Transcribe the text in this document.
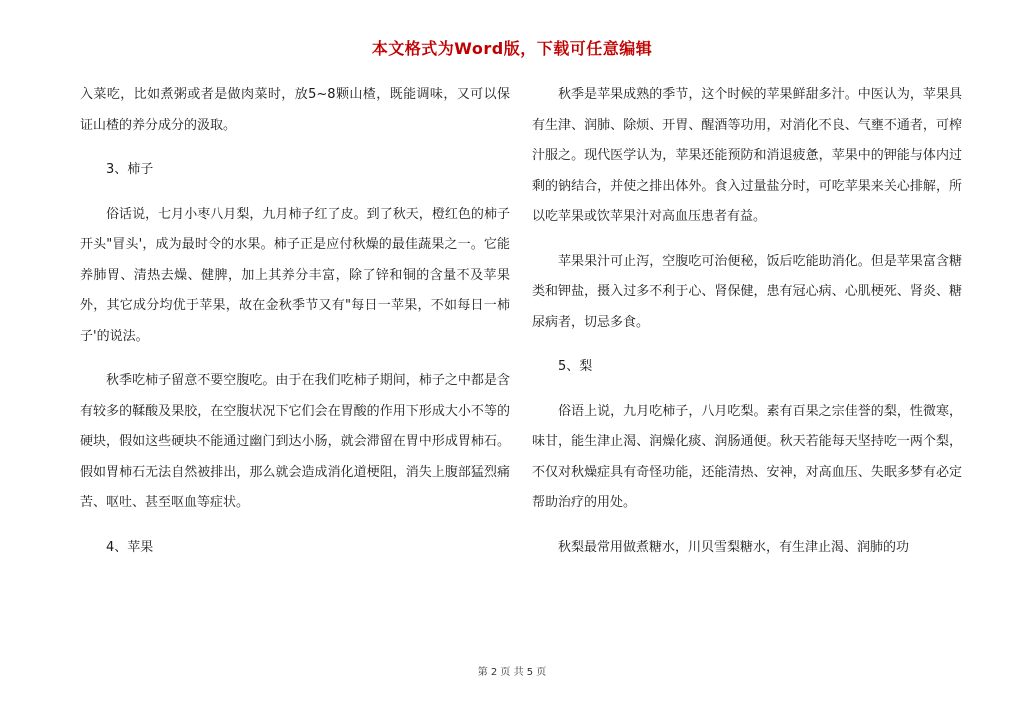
本文格式为Word版，下载可任意编辑

入菜吃，比如煮粥或者是做肉菜时，放5~8颗山楂，既能调味，又可以保证山楂的养分成分的汲取。

3、柿子

俗话说，七月小枣八月梨，九月柿子红了皮。到了秋天，橙红色的柿子开头"冒头'，成为最时令的水果。柿子正是应付秋燥的最佳蔬果之一。它能养肺胃、清热去燥、健脾，加上其养分丰富，除了锌和铜的含量不及苹果外，其它成分均优于苹果，故在金秋季节又有"每日一苹果，不如每日一柿子'的说法。

秋季吃柿子留意不要空腹吃。由于在我们吃柿子期间，柿子之中都是含有较多的鞣酸及果胶，在空腹状况下它们会在胃酸的作用下形成大小不等的硬块，假如这些硬块不能通过幽门到达小肠，就会滞留在胃中形成胃柿石。假如胃柿石无法自然被排出，那么就会造成消化道梗阻，消失上腹部猛烈痛苦、呕吐、甚至呕血等症状。

4、苹果

秋季是苹果成熟的季节，这个时候的苹果鲜甜多汁。中医认为，苹果具有生津、润肺、除烦、开胃、醒酒等功用，对消化不良、气壅不通者，可榨汁服之。现代医学认为，苹果还能预防和消退疲惫，苹果中的钾能与体内过剩的钠结合，并使之排出体外。食入过量盐分时，可吃苹果来关心排解，所以吃苹果或饮苹果汁对高血压患者有益。

苹果果汁可止泻，空腹吃可治便秘，饭后吃能助消化。但是苹果富含糖类和钾盐，摄入过多不利于心、肾保健，患有冠心病、心肌梗死、肾炎、糖尿病者，切忌多食。

5、梨

俗语上说，九月吃柿子，八月吃梨。素有百果之宗佳誉的梨，性微寒，味甘，能生津止渴、润燥化痰、润肠通便。秋天若能每天坚持吃一两个梨，不仅对秋燥症具有奇怪功能，还能清热、安神，对高血压、失眠多梦有必定帮助治疗的用处。

秋梨最常用做煮糖水，川贝雪梨糖水，有生津止渴、润肺的功

第 2 页 共 5 页
